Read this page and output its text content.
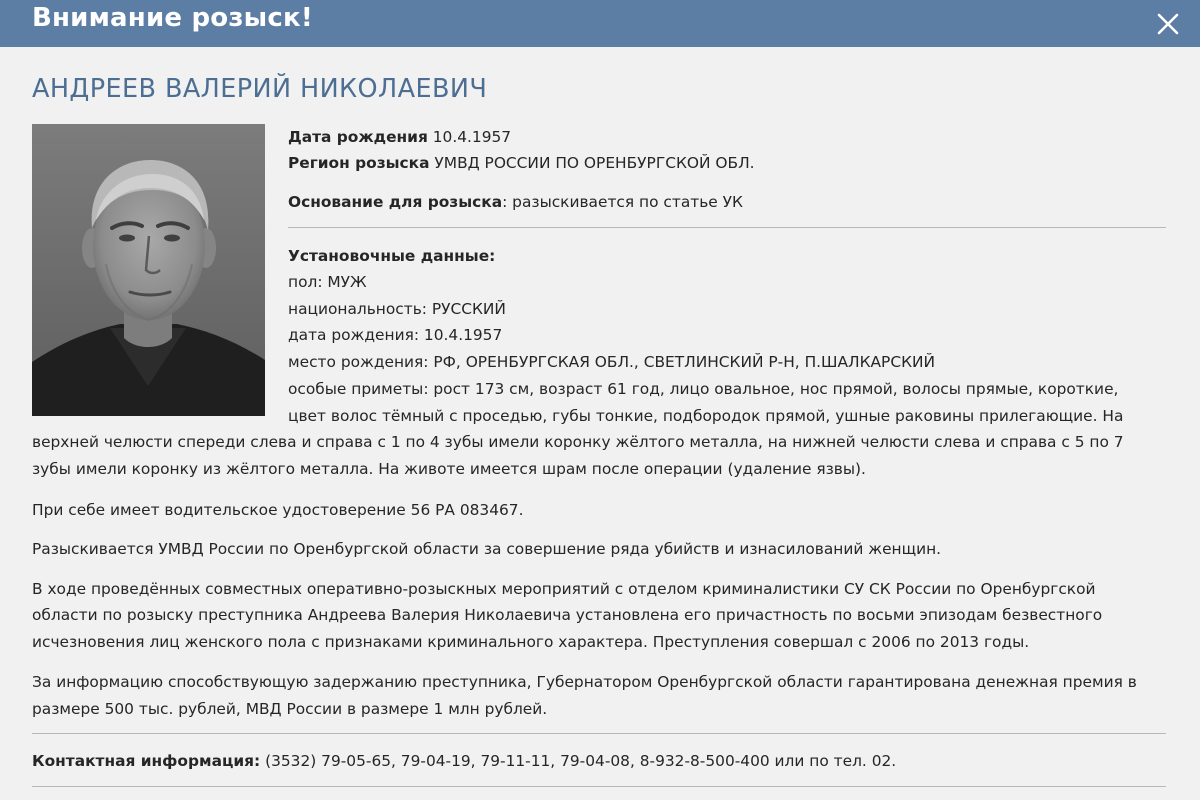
Внимание розыск!
АНДРЕЕВ ВАЛЕРИЙ НИКОЛАЕВИЧ
Дата рождения 10.4.1957
Регион розыска УМВД РОССИИ ПО ОРЕНБУРГСКОЙ ОБЛ.
Основание для розыска: разыскивается по статье УК
Установочные данные:
пол: МУЖ
национальность: РУССКИЙ
дата рождения: 10.4.1957
место рождения: РФ, ОРЕНБУРГСКАЯ ОБЛ., СВЕТЛИНСКИЙ Р-Н, П.ШАЛКАРСКИЙ
особые приметы: рост 173 см, возраст 61 год, лицо овальное, нос прямой, волосы прямые, короткие,
цвет волос тёмный с проседью, губы тонкие, подбородок прямой, ушные раковины прилегающие. На
верхней челюсти спереди слева и справа с 1 по 4 зубы имели коронку жёлтого металла, на нижней челюсти слева и справа с 5 по 7
зубы имели коронку из жёлтого металла. На животе имеется шрам после операции (удаление язвы).
При себе имеет водительское удостоверение 56 РА 083467.
Разыскивается УМВД России по Оренбургской области за совершение ряда убийств и изнасилований женщин.
В ходе проведённых совместных оперативно-розыскных мероприятий с отделом криминалистики СУ СК России по Оренбургской
области по розыску преступника Андреева Валерия Николаевича установлена его причастность по восьми эпизодам безвестного
исчезновения лиц женского пола с признаками криминального характера. Преступления совершал с 2006 по 2013 годы.
За информацию способствующую задержанию преступника, Губернатором Оренбургской области гарантирована денежная премия в
размере 500 тыс. рублей, МВД России в размере 1 млн рублей.
Контактная информация: (3532) 79-05-65, 79-04-19, 79-11-11, 79-04-08, 8-932-8-500-400 или по тел. 02.
